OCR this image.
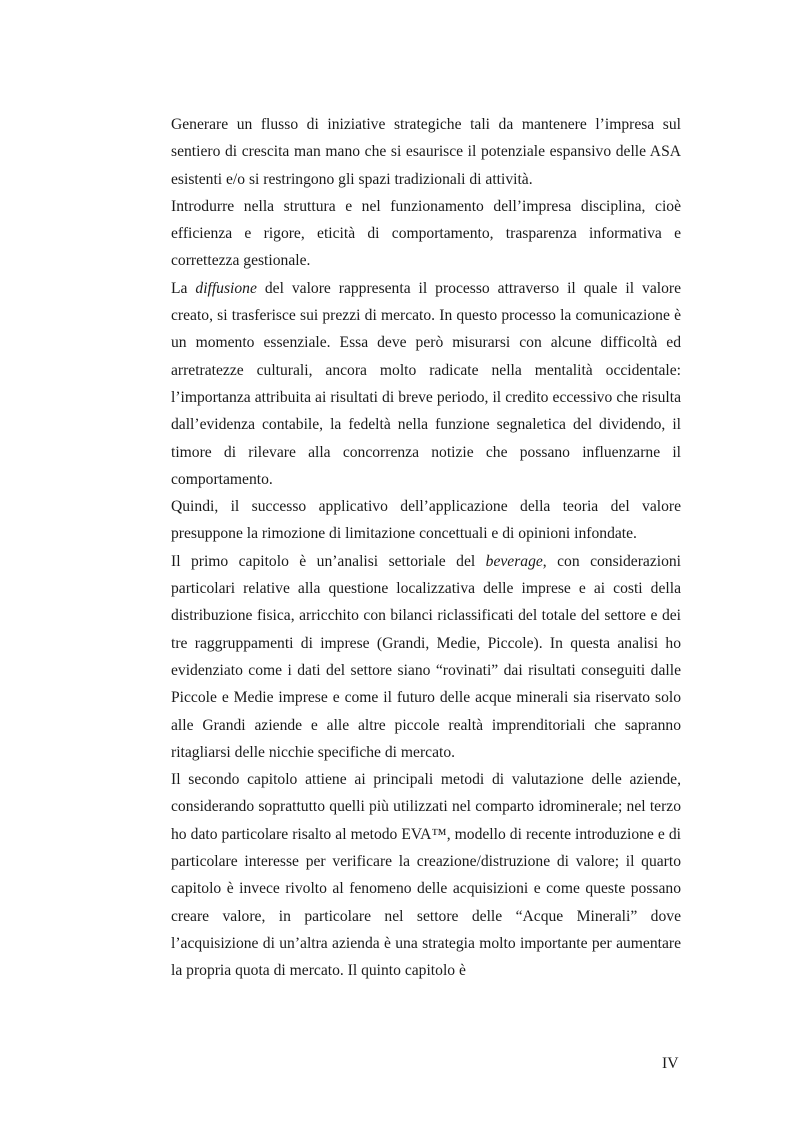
Generare un flusso di iniziative strategiche tali da mantenere l’impresa sul sentiero di crescita man mano che si esaurisce il potenziale espansivo delle ASA esistenti e/o si restringono gli spazi tradizionali di attività.

Introdurre nella struttura e nel funzionamento dell’impresa disciplina, cioè efficienza e rigore, eticità di comportamento, trasparenza informativa e correttezza gestionale.

La diffusione del valore rappresenta il processo attraverso il quale il valore creato, si trasferisce sui prezzi di mercato. In questo processo la comunicazione è un momento essenziale. Essa deve però misurarsi con alcune difficoltà ed arretratezze culturali, ancora molto radicate nella mentalità occidentale: l’importanza attribuita ai risultati di breve periodo, il credito eccessivo che risulta dall’evidenza contabile, la fedeltà nella funzione segnaletica del dividendo, il timore di rilevare alla concorrenza notizie che possano influenzarne il comportamento.

Quindi, il successo applicativo dell’applicazione della teoria del valore presuppone la rimozione di limitazione concettuali e di opinioni infondate.

Il primo capitolo è un’analisi settoriale del beverage, con considerazioni particolari relative alla questione localizzativa delle imprese e ai costi della distribuzione fisica, arricchito con bilanci riclassificati del totale del settore e dei tre raggruppamenti di imprese (Grandi, Medie, Piccole). In questa analisi ho evidenziato come i dati del settore siano “rovinati” dai risultati conseguiti dalle Piccole e Medie imprese e come il futuro delle acque minerali sia riservato solo alle Grandi aziende e alle altre piccole realtà imprenditoriali che sapranno ritagliarsi delle nicchie specifiche di mercato.

Il secondo capitolo attiene ai principali metodi di valutazione delle aziende, considerando soprattutto quelli più utilizzati nel comparto idrominerale; nel terzo ho dato particolare risalto al metodo EVA™, modello di recente introduzione e di particolare interesse per verificare la creazione/distruzione di valore; il quarto capitolo è invece rivolto al fenomeno delle acquisizioni e come queste possano creare valore, in particolare nel settore delle “Acque Minerali” dove l’acquisizione di un’altra azienda è una strategia molto importante per aumentare la propria quota di mercato. Il quinto capitolo è

IV
